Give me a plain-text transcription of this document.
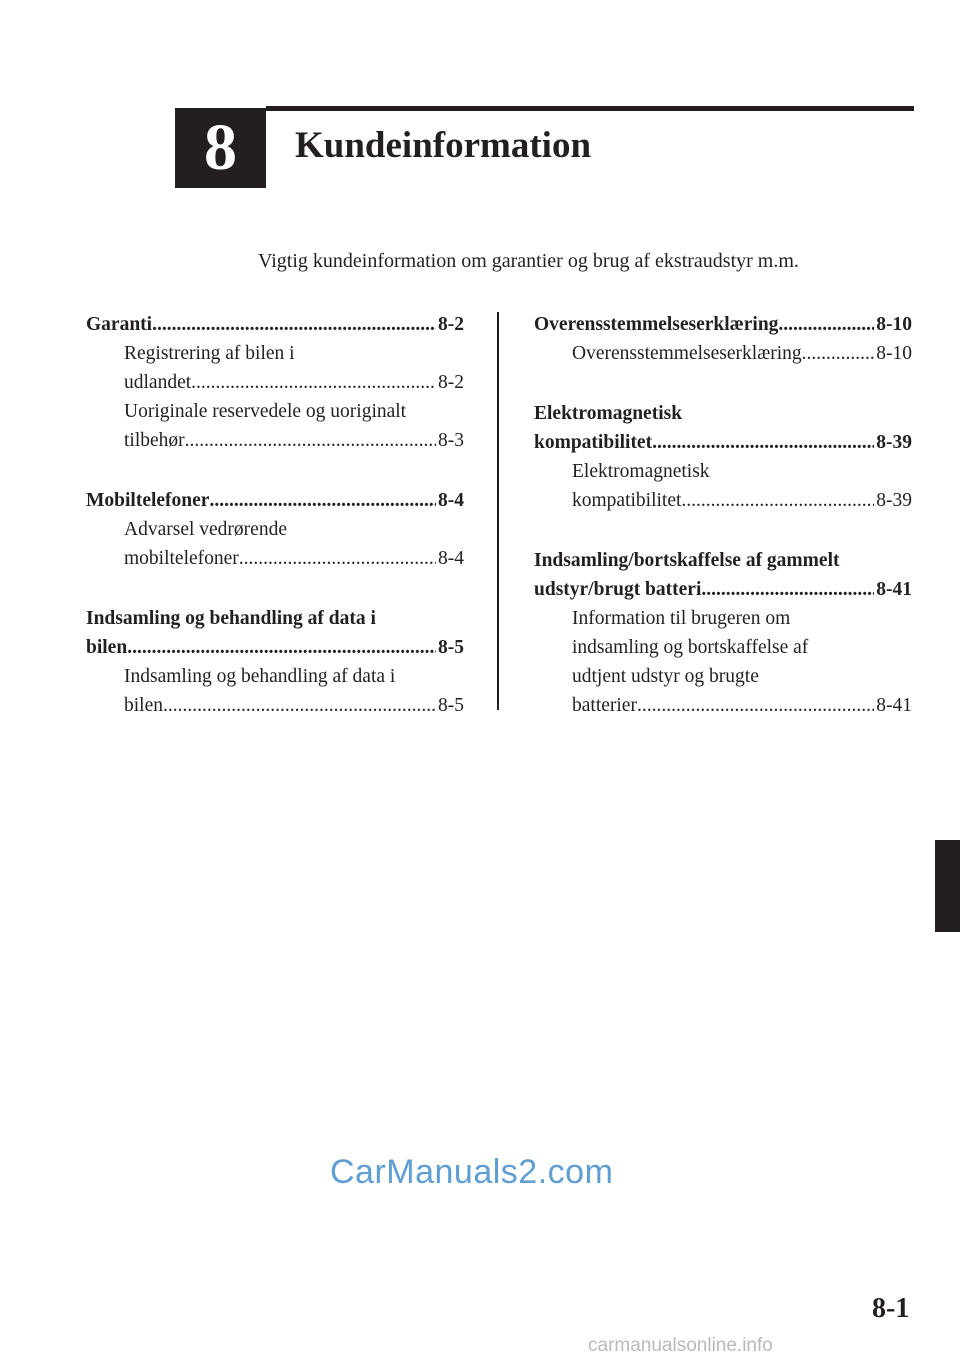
8 Kundeinformation
Vigtig kundeinformation om garantier og brug af ekstraudstyr m.m.
Garanti .....	8-2
Registrering af bilen i
udlandet .....	8-2
Uoriginale reservedele og uoriginalt
tilbehør .....	8-3
Mobiltelefoner .....	8-4
Advarsel vedrørende
mobiltelefoner .....	8-4
Indsamling og behandling af data i
bilen .....	8-5
Indsamling og behandling af data i
bilen .....	8-5
Overensstemmelseserklæring .....	8-10
Overensstemmelseserklæring .....	8-10
Elektromagnetisk
kompatibilitet .....	8-39
Elektromagnetisk
kompatibilitet .....	8-39
Indsamling/bortskaffelse af gammelt
udstyr/brugt batteri .....	8-41
Information til brugeren om
indsamling og bortskaffelse af
udtjent udstyr og brugte
batterier .....	8-41
CarManuals2.com
8-1
carmanualsonline.info
